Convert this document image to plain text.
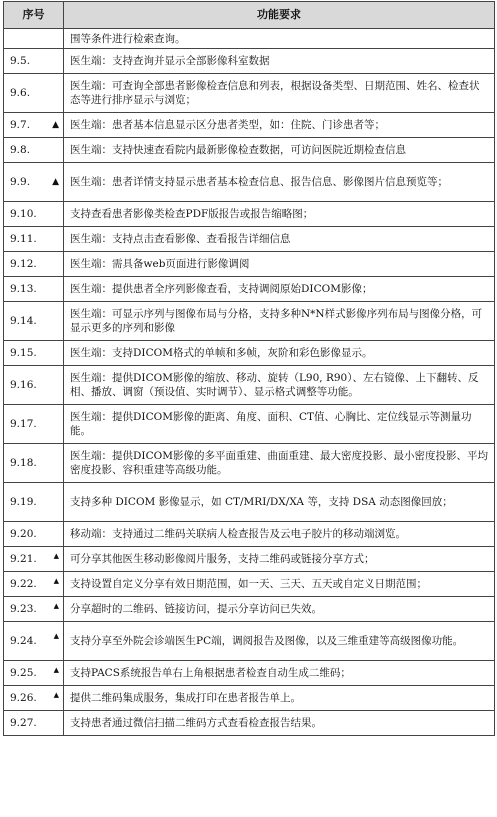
序号	功能要求
	围等条件进行检索查询。
9.5.	医生端：支持查询并显示全部影像科室数据
9.6.	医生端：可查询全部患者影像检查信息和列表，根据设备类型、日期范围、姓名、检查状态等进行排序显示与浏览；
9.7. ▲	医生端：患者基本信息显示区分患者类型，如：住院、门诊患者等；
9.8.	医生端：支持快速查看院内最新影像检查数据，可访问医院近期检查信息
9.9. ▲	医生端：患者详情支持显示患者基本检查信息、报告信息、影像图片信息预览等；
9.10.	支持查看患者影像类检查PDF版报告或报告缩略图；
9.11.	医生端：支持点击查看影像、查看报告详细信息
9.12.	医生端：需具备web页面进行影像调阅
9.13.	医生端：提供患者全序列影像查看，支持调阅原始DICOM影像；
9.14.	医生端：可显示序列与图像布局与分格，支持多种N*N样式影像序列布局与图像分格，可显示更多的序列和影像
9.15.	医生端：支持DICOM格式的单帧和多帧，灰阶和彩色影像显示。
9.16.	医生端：提供DICOM影像的缩放、移动、旋转（L90, R90）、左右镜像、上下翻转、反相、播放、调窗（预设值、实时调节）、显示格式调整等功能。
9.17.	医生端：提供DICOM影像的距离、角度、面积、CT值、心胸比、定位线显示等测量功能。
9.18.	医生端：提供DICOM影像的多平面重建、曲面重建、最大密度投影、最小密度投影、平均密度投影、容积重建等高级功能。
9.19.	支持多种 DICOM 影像显示，如 CT/MRI/DX/XA 等，支持 DSA 动态图像回放；
9.20.	移动端：支持通过二维码关联病人检查报告及云电子胶片的移动端浏览。
9.21. ▲	可分享其他医生移动影像阅片服务，支持二维码或链接分享方式；
9.22. ▲	支持设置自定义分享有效日期范围，如一天、三天、五天或自定义日期范围；
9.23. ▲	分享超时的二维码、链接访问，提示分享访问已失效。
9.24. ▲	支持分享至外院会诊端医生PC端，调阅报告及图像，以及三维重建等高级图像功能。
9.25. ▲	支持PACS系统报告单右上角根据患者检查自动生成二维码；
9.26. ▲	提供二维码集成服务，集成打印在患者报告单上。
9.27.	支持患者通过微信扫描二维码方式查看检查报告结果。
